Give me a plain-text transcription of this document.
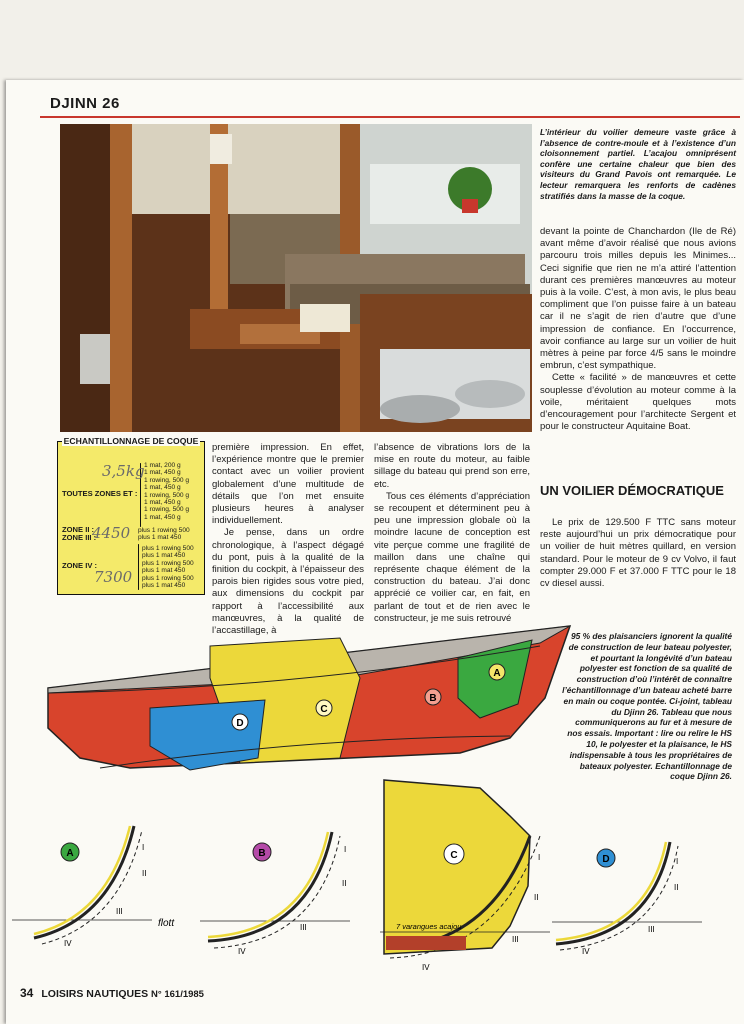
DJINN 26
L’intérieur du voilier demeure vaste grâce à l’absence de contre-moule et à l’existence d’un cloisonnement partiel. L’acajou omniprésent confère une certaine chaleur que bien des visiteurs du Grand Pavois ont remarquée. Le lecteur remarquera les renforts de cadènes stratifiés dans la masse de la coque.
ECHANTILLONNAGE DE COQUE
TOUTES ZONES ET :
1 mat, 200 g
1 mat, 450 g
1 rowing, 500 g
1 mat, 450 g
1 rowing, 500 g
1 mat, 450 g
1 rowing, 500 g
1 mat, 450 g
ZONE II :
ZONE III :
plus 1 rowing 500
plus 1 mat 450
ZONE IV :
plus 1 rowing 500
plus 1 mat 450
plus 1 rowing 500
plus 1 mat 450
plus 1 rowing 500
plus 1 mat 450
3,5kg
4450
7300

première impression. En effet, l’expérience montre que le premier contact avec un voilier provient globalement d’une multitude de détails que l’on met ensuite plusieurs heures à analyser individuellement.

Je pense, dans un ordre chronologique, à l’aspect dégagé du pont, puis à la qualité de la finition du cockpit, à l’épaisseur des parois bien rigides sous votre pied, aux dimensions du cockpit par rapport à l’accessibilité aux manœuvres, à la qualité de l’accastillage, à

l’absence de vibrations lors de la mise en route du moteur, au faible sillage du bateau qui prend son erre, etc.

Tous ces éléments d’appréciation se recoupent et déterminent peu à peu une impression globale où la moindre lacune de conception est vite perçue comme une fragilité de maillon dans une chaîne qui représente chaque élément de la construction du bateau. J’ai donc apprécié ce voilier car, en fait, en parlant de tout et de rien avec le constructeur, je me suis retrouvé

devant la pointe de Chanchardon (Ile de Ré) avant même d’avoir réalisé que nous avions parcouru trois milles depuis les Minimes... Ceci signifie que rien ne m’a attiré l’attention durant ces premières manœuvres au moteur puis à la voile. C’est, à mon avis, le plus beau compliment que l’on puisse faire à un bateau car il ne s’agit de rien d’autre que d’une impression de confiance. En l’occurrence, avoir confiance au large sur un voilier de huit mètres à peine par force 4/5 sans le moindre embrun, c’est sympathique.

Cette « facilité » de manœuvres et cette souplesse d’évolution au moteur comme à la voile, méritaient quelques mots d’encouragement pour l’architecte Sergent et pour le constructeur Aquitaine Boat.

UN VOILIER DÉMOCRATIQUE

Le prix de 129.500 F TTC sans moteur reste aujourd’hui un prix démocratique pour un voilier de huit mètres quillard, en version standard. Pour le moteur de 9 cv Volvo, il faut compter 29.000 F et 37.000 F TTC pour le 18 cv diesel aussi.

D
C
B
A
95 % des plaisanciers ignorent la qualité de construction de leur bateau polyester, et pourtant la longévité d’un bateau polyester est fonction de sa qualité de construction d’où l’intérêt de connaître l’échantillonnage d’un bateau acheté barre en main ou coque pontée. Ci-joint, tableau du Djinn 26. Tableau que nous communiquerons au fur et à mesure de nos essais. Important : lire ou relire le HS 10, le polyester et la plaisance, le HS indispensable à tous les propriétaires de bateaux polyester. Echantillonnage de coque Djinn 26.
A
I
II
III
IV
flott
B	I
II
III
IV
C
7 varangues acajou
I
II
III
IV
D	I
II
III
IV
34 LOISIRS NAUTIQUES N° 161/1985
